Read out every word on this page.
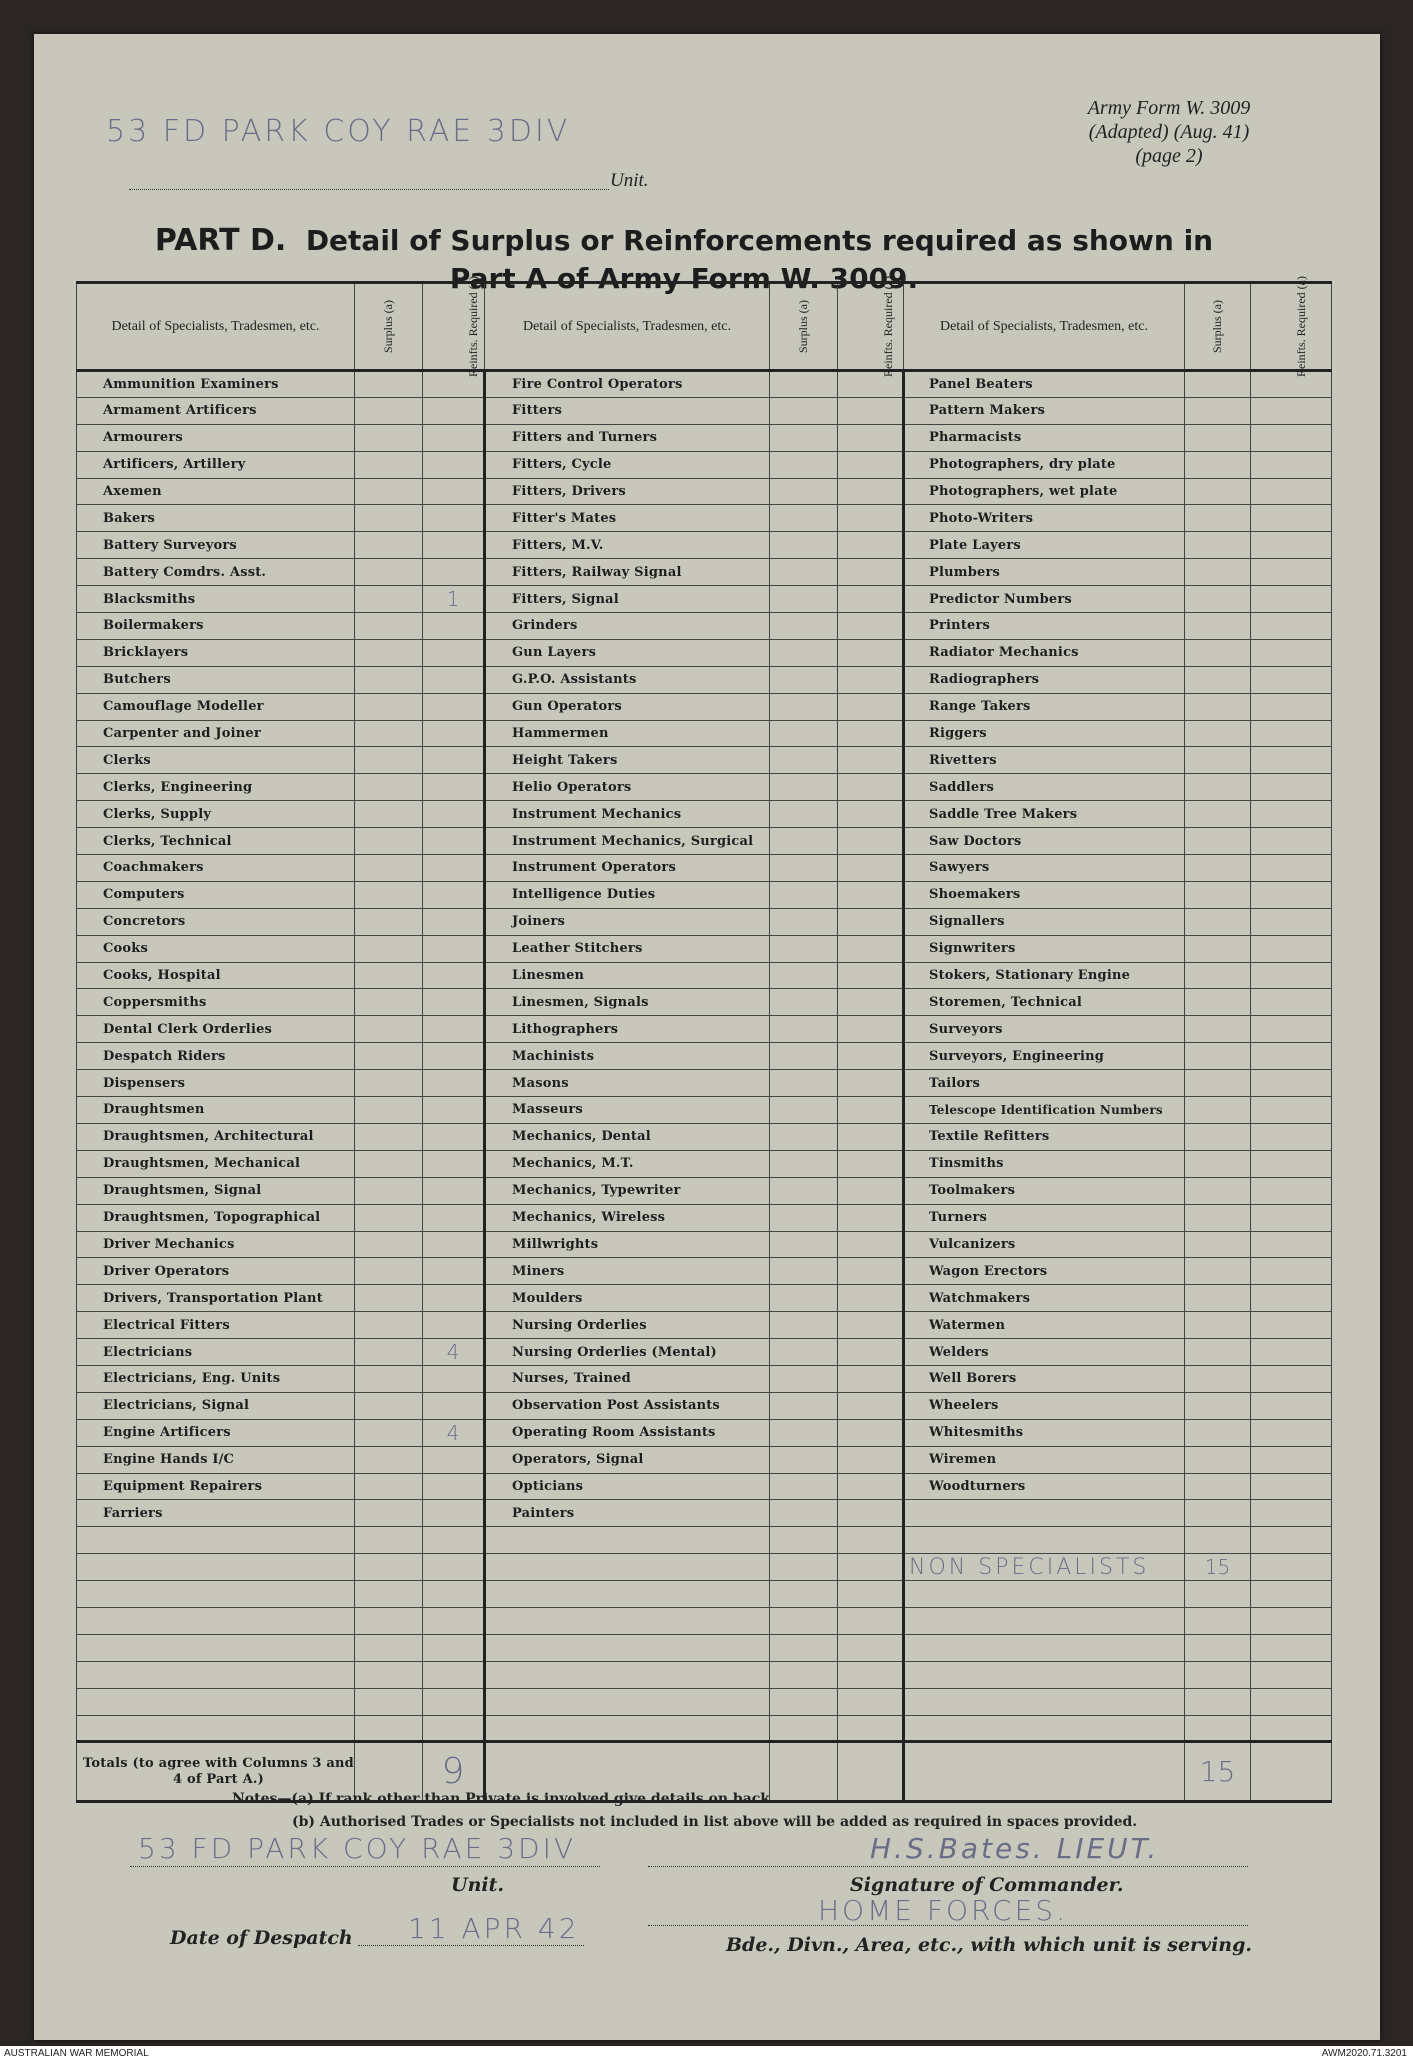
Army Form W. 3009
(Adapted) (Aug. 41)
(page 2)
53 FD PARK COY RAE 3DIV
Unit.
PART D. Detail of Surplus or Reinforcements required as shown in
Part A of Army Form W. 3009.
Detail of Specialists, Tradesmen, etc.	Surplus (a)	Reinfts. Required (a)	Detail of Specialists, Tradesmen, etc.	Surplus (a)	Reinfts. Required (a)	Detail of Specialists, Tradesmen, etc.	Surplus (a)	Reinfts. Required (a)
Ammunition Examiners			Fire Control Operators			Panel Beaters		
Armament Artificers			Fitters			Pattern Makers		
Armourers			Fitters and Turners			Pharmacists		
Artificers, Artillery			Fitters, Cycle			Photographers, dry plate		
Axemen			Fitters, Drivers			Photographers, wet plate		
Bakers			Fitter's Mates			Photo-Writers		
Battery Surveyors			Fitters, M.V.			Plate Layers		
Battery Comdrs. Asst.			Fitters, Railway Signal			Plumbers		
Blacksmiths		1	Fitters, Signal			Predictor Numbers		
Boilermakers			Grinders			Printers		
Bricklayers			Gun Layers			Radiator Mechanics		
Butchers			G.P.O. Assistants			Radiographers		
Camouflage Modeller			Gun Operators			Range Takers		
Carpenter and Joiner			Hammermen			Riggers		
Clerks			Height Takers			Rivetters		
Clerks, Engineering			Helio Operators			Saddlers		
Clerks, Supply			Instrument Mechanics			Saddle Tree Makers		
Clerks, Technical			Instrument Mechanics, Surgical			Saw Doctors		
Coachmakers			Instrument Operators			Sawyers		
Computers			Intelligence Duties			Shoemakers		
Concretors			Joiners			Signallers		
Cooks			Leather Stitchers			Signwriters		
Cooks, Hospital			Linesmen			Stokers, Stationary Engine		
Coppersmiths			Linesmen, Signals			Storemen, Technical		
Dental Clerk Orderlies			Lithographers			Surveyors		
Despatch Riders			Machinists			Surveyors, Engineering		
Dispensers			Masons			Tailors		
Draughtsmen			Masseurs			Telescope Identification Numbers		
Draughtsmen, Architectural			Mechanics, Dental			Textile Refitters		
Draughtsmen, Mechanical			Mechanics, M.T.			Tinsmiths		
Draughtsmen, Signal			Mechanics, Typewriter			Toolmakers		
Draughtsmen, Topographical			Mechanics, Wireless			Turners		
Driver Mechanics			Millwrights			Vulcanizers		
Driver Operators			Miners			Wagon Erectors		
Drivers, Transportation Plant			Moulders			Watchmakers		
Electrical Fitters			Nursing Orderlies			Watermen		
Electricians		4	Nursing Orderlies (Mental)			Welders		
Electricians, Eng. Units			Nurses, Trained			Well Borers		
Electricians, Signal			Observation Post Assistants			Wheelers		
Engine Artificers		4	Operating Room Assistants			Whitesmiths		
Engine Hands I/C			Operators, Signal			Wiremen		
Equipment Repairers			Opticians			Woodturners		
Farriers			Painters					

						NON SPECIALISTS	15	

Totals (to agree with Columns 3 and 4 of Part A.)		9					15	
Notes—(a) If rank other than Private is involved give details on back.
(b) Authorised Trades or Specialists not included in list above will be added as required in spaces provided.
53 FD PARK COY RAE 3DIV
Unit.
H.S.Bates. LIEUT.
Signature of Commander.
Date of Despatch 11 APR 42
HOME FORCES.
Bde., Divn., Area, etc., with which unit is serving.
AUSTRALIAN WAR MEMORIAL	AWM2020.71.3201
